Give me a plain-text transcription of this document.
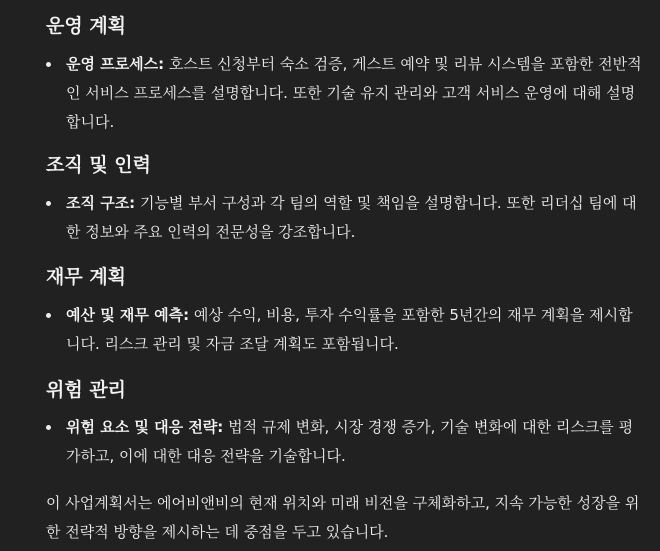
운영 계획
운영 프로세스: 호스트 신청부터 숙소 검증, 게스트 예약 및 리뷰 시스템을 포함한 전반적인 서비스 프로세스를 설명합니다. 또한 기술 유지 관리와 고객 서비스 운영에 대해 설명합니다.
조직 및 인력
조직 구조: 기능별 부서 구성과 각 팀의 역할 및 책임을 설명합니다. 또한 리더십 팀에 대한 정보와 주요 인력의 전문성을 강조합니다.
재무 계획
예산 및 재무 예측: 예상 수익, 비용, 투자 수익률을 포함한 5년간의 재무 계획을 제시합니다. 리스크 관리 및 자금 조달 계획도 포함됩니다.
위험 관리
위험 요소 및 대응 전략: 법적 규제 변화, 시장 경쟁 증가, 기술 변화에 대한 리스크를 평가하고, 이에 대한 대응 전략을 기술합니다.

이 사업계획서는 에어비앤비의 현재 위치와 미래 비전을 구체화하고, 지속 가능한 성장을 위한 전략적 방향을 제시하는 데 중점을 두고 있습니다.
